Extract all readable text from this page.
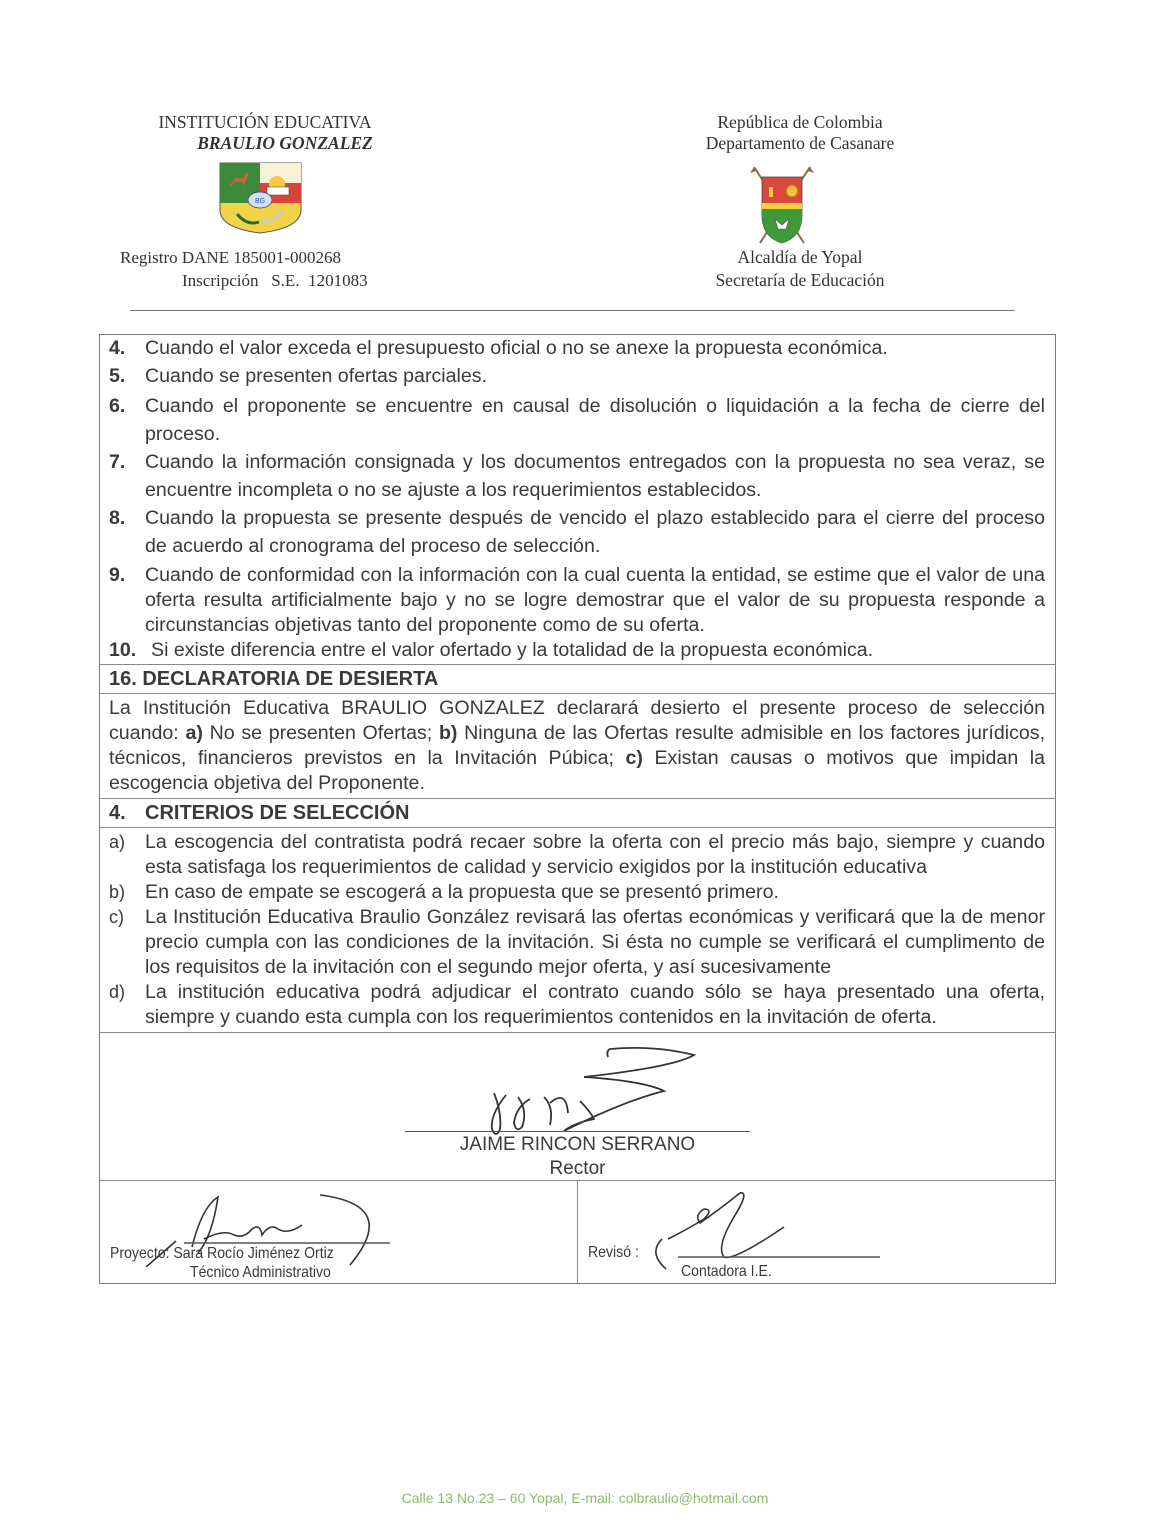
INSTITUCIÓN EDUCATIVA
BRAULIO GONZALEZ
BG
Registro DANE 185001-000268
Inscripción   S.E.  1201083
República de Colombia
Departamento de Casanare
Alcaldía de Yopal
Secretaría de Educación
4.	Cuando el valor exceda el presupuesto oficial o no se anexe la propuesta económica.
5.	Cuando se presenten ofertas parciales.
6.	Cuando el proponente se encuentre en causal de disolución o liquidación a la fecha de cierre del proceso.
7.	Cuando la información consignada y los documentos entregados con la propuesta no sea veraz, se encuentre incompleta o no se ajuste a los requerimientos establecidos.
8.	Cuando la propuesta se presente después de vencido el plazo establecido para el cierre del proceso de acuerdo al cronograma del proceso de selección.
9.	Cuando de conformidad con la información con la cual cuenta la entidad, se estime que el valor de una oferta resulta artificialmente bajo y no se logre demostrar que el valor de su propuesta responde a circunstancias objetivas tanto del proponente como de su oferta.
10. Si existe diferencia entre el valor ofertado y la totalidad de la propuesta económica.
16. DECLARATORIA DE DESIERTA
La Institución Educativa BRAULIO GONZALEZ declarará desierto el presente proceso de selección cuando: a) No se presenten Ofertas; b) Ninguna de las Ofertas resulte admisible en los factores jurídicos, técnicos, financieros previstos en la Invitación Púbica; c) Existan causas o motivos que impidan la escogencia objetiva del Proponente.
4. CRITERIOS DE SELECCIÓN
a)	La escogencia del contratista podrá recaer sobre la oferta con el precio más bajo, siempre y cuando esta satisfaga los requerimientos de calidad y servicio exigidos por la institución educativa
b)	En caso de empate se escogerá a la propuesta que se presentó primero.
c)	La Institución Educativa Braulio González revisará las ofertas económicas y verificará que la de menor precio cumpla con las condiciones de la invitación. Si ésta no cumple se verificará el cumplimento de los requisitos de la invitación con el segundo mejor oferta, y así sucesivamente
d)	La institución educativa podrá adjudicar el contrato cuando sólo se haya presentado una oferta, siempre y cuando esta cumpla con los requerimientos contenidos en la invitación de oferta.
JAIME RINCON SERRANO
Rector
Proyecto: Sara Rocío Jiménez Ortiz
Técnico Administrativo
Revisó :
Contadora I.E.
Calle 13 No.23 – 60 Yopal, E-mail: colbraulio@hotmail.com
